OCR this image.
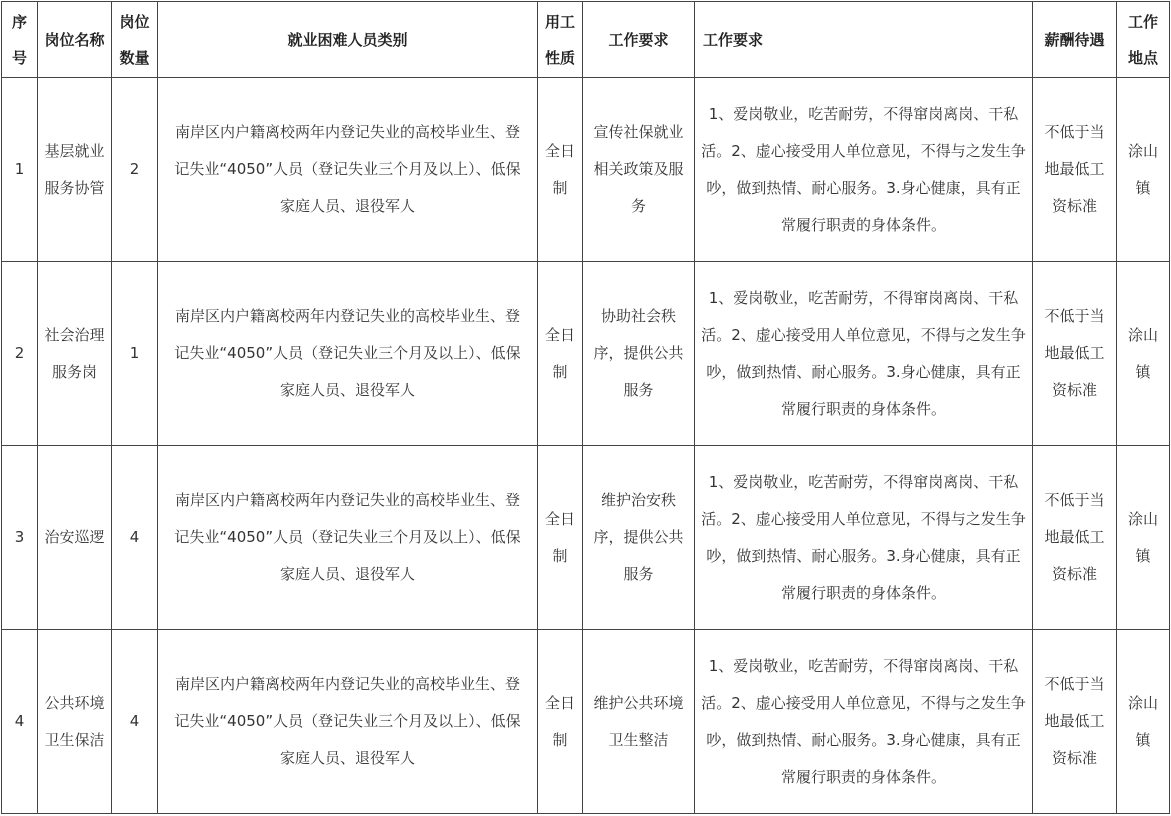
序号	岗位名称	岗位数量	就业困难人员类别	用工性质	工作要求	工作要求	薪酬待遇	工作地点
1	基层就业服务协管	2	南岸区内户籍离校两年内登记失业的高校毕业生、登记失业“4050”人员（登记失业三个月及以上）、低保家庭人员、退役军人	全日制	宣传社保就业相关政策及服务	1、爱岗敬业，吃苦耐劳，不得窜岗离岗、干私活。2、虚心接受用人单位意见，不得与之发生争吵，做到热情、耐心服务。3.身心健康，具有正常履行职责的身体条件。	不低于当地最低工资标准	涂山镇
2	社会治理服务岗	1	南岸区内户籍离校两年内登记失业的高校毕业生、登记失业“4050”人员（登记失业三个月及以上）、低保家庭人员、退役军人	全日制	协助社会秩序，提供公共服务	1、爱岗敬业，吃苦耐劳，不得窜岗离岗、干私活。2、虚心接受用人单位意见，不得与之发生争吵，做到热情、耐心服务。3.身心健康，具有正常履行职责的身体条件。	不低于当地最低工资标准	涂山镇
3	治安巡逻	4	南岸区内户籍离校两年内登记失业的高校毕业生、登记失业“4050”人员（登记失业三个月及以上）、低保家庭人员、退役军人	全日制	维护治安秩序，提供公共服务	1、爱岗敬业，吃苦耐劳，不得窜岗离岗、干私活。2、虚心接受用人单位意见，不得与之发生争吵，做到热情、耐心服务。3.身心健康，具有正常履行职责的身体条件。	不低于当地最低工资标准	涂山镇
4	公共环境卫生保洁	4	南岸区内户籍离校两年内登记失业的高校毕业生、登记失业“4050”人员（登记失业三个月及以上）、低保家庭人员、退役军人	全日制	维护公共环境卫生整洁	1、爱岗敬业，吃苦耐劳，不得窜岗离岗、干私活。2、虚心接受用人单位意见，不得与之发生争吵，做到热情、耐心服务。3.身心健康，具有正常履行职责的身体条件。	不低于当地最低工资标准	涂山镇
